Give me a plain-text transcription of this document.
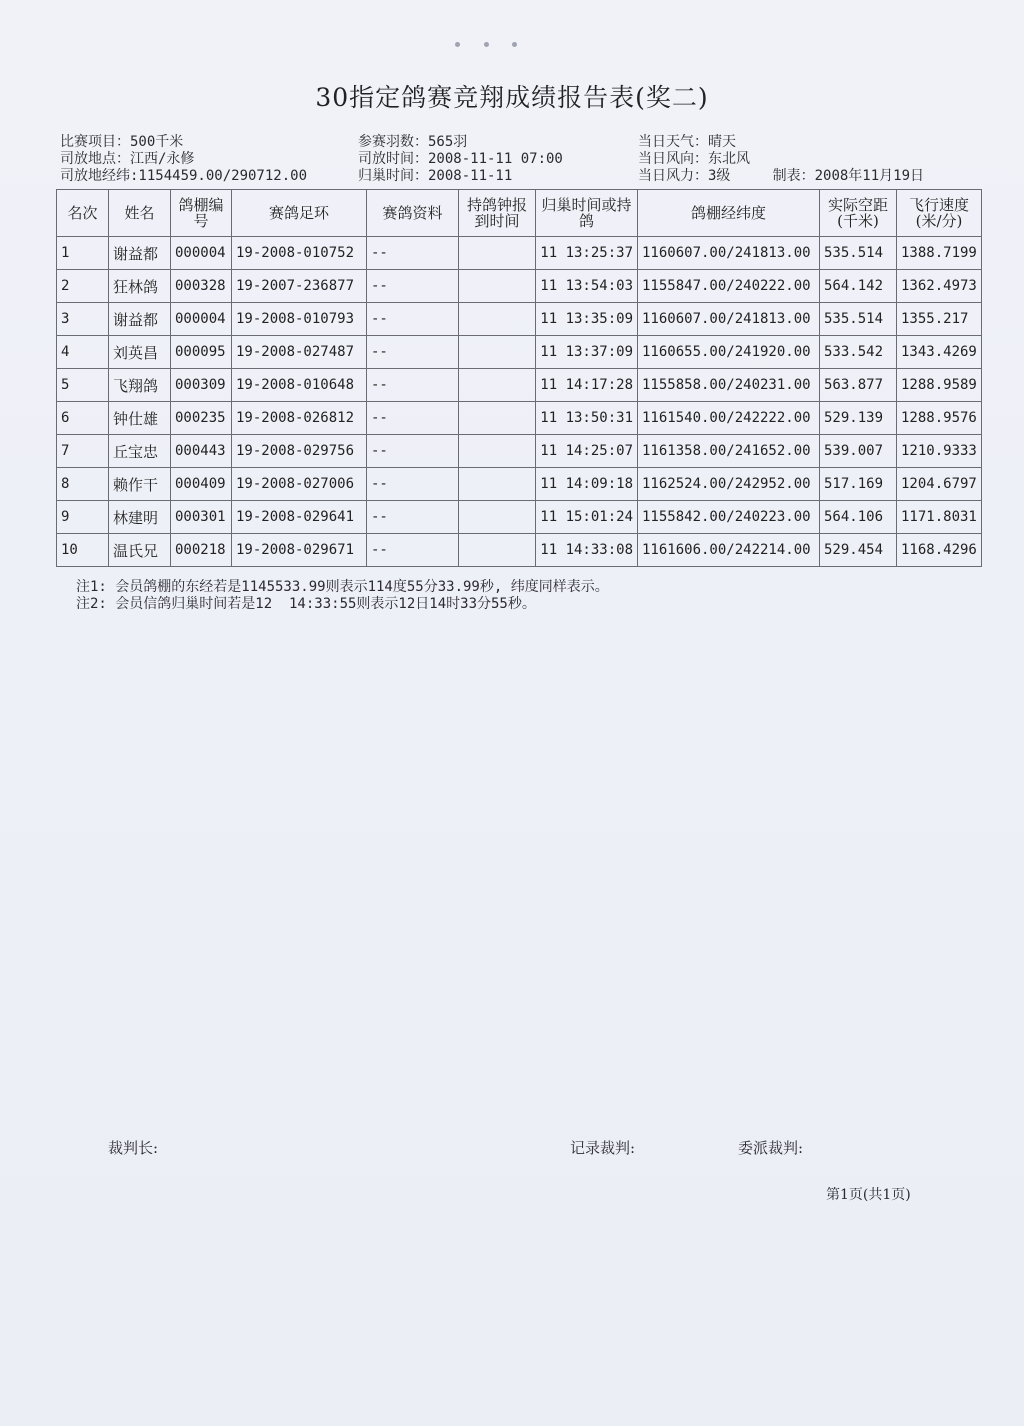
30指定鸽赛竞翔成绩报告表(奖二)
比赛项目：500千米
司放地点：江西/永修
司放地经纬:1154459.00/290712.00
参赛羽数：565羽
司放时间：2008-11-11 07:00
归巢时间：2008-11-11
当日天气：晴天
当日风向：东北风
当日风力：3级	制表：2008年11月19日
名次	姓名	鸽棚编号	赛鸽足环	赛鸽资料	持鸽钟报到时间	归巢时间或持鸽	鸽棚经纬度	实际空距(千米)	飞行速度(米/分)
1	谢益都	000004	19-2008-010752	--		11 13:25:37	1160607.00/241813.00	535.514	1388.7199
2	狂林鸽	000328	19-2007-236877	--		11 13:54:03	1155847.00/240222.00	564.142	1362.4973
3	谢益都	000004	19-2008-010793	--		11 13:35:09	1160607.00/241813.00	535.514	1355.217
4	刘英昌	000095	19-2008-027487	--		11 13:37:09	1160655.00/241920.00	533.542	1343.4269
5	飞翔鸽	000309	19-2008-010648	--		11 14:17:28	1155858.00/240231.00	563.877	1288.9589
6	钟仕雄	000235	19-2008-026812	--		11 13:50:31	1161540.00/242222.00	529.139	1288.9576
7	丘宝忠	000443	19-2008-029756	--		11 14:25:07	1161358.00/241652.00	539.007	1210.9333
8	赖作干	000409	19-2008-027006	--		11 14:09:18	1162524.00/242952.00	517.169	1204.6797
9	林建明	000301	19-2008-029641	--		11 15:01:24	1155842.00/240223.00	564.106	1171.8031
10	温氏兄	000218	19-2008-029671	--		11 14:33:08	1161606.00/242214.00	529.454	1168.4296
注1: 会员鸽棚的东经若是1145533.99则表示114度55分33.99秒, 纬度同样表示。
注2: 会员信鸽归巢时间若是12  14:33:55则表示12日14时33分55秒。
裁判长:	记录裁判:	委派裁判:
第1页(共1页)
